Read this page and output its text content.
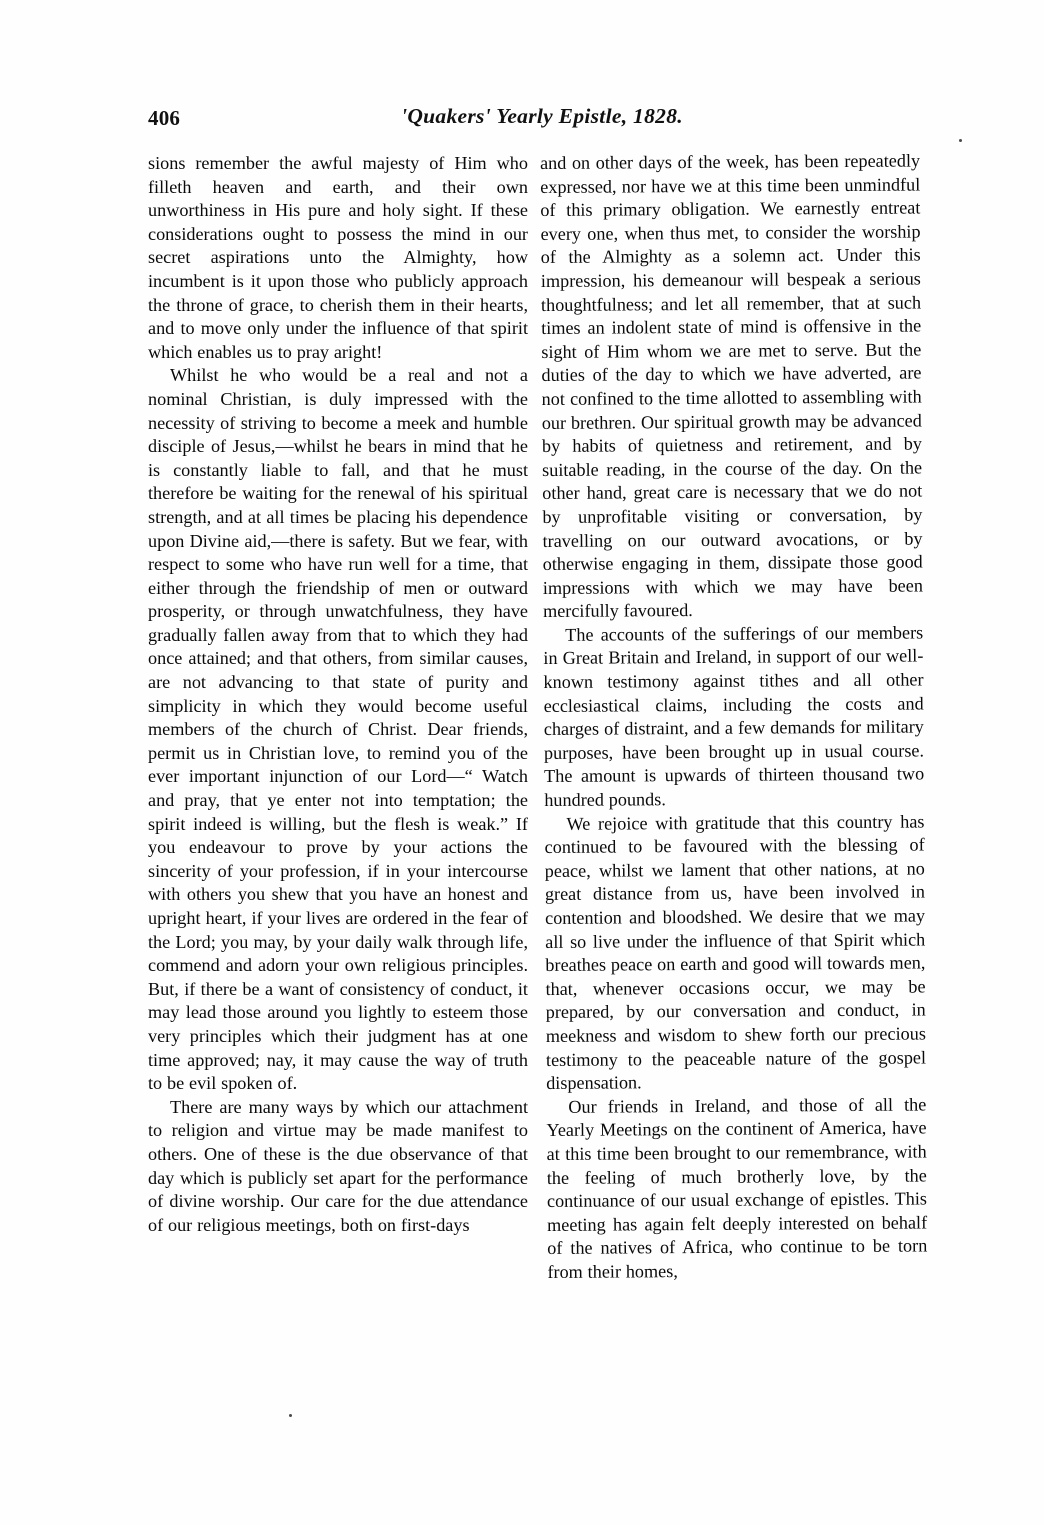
406	'Quakers' Yearly Epistle, 1828.

sions remember the awful majesty of Him who filleth heaven and earth, and their own unworthiness in His pure and holy sight. If these considerations ought to possess the mind in our secret aspirations unto the Almighty, how incumbent is it upon those who publicly approach the throne of grace, to cherish them in their hearts, and to move only under the influence of that spirit which enables us to pray aright!

Whilst he who would be a real and not a nominal Christian, is duly impressed with the necessity of striving to become a meek and humble disciple of Jesus,—whilst he bears in mind that he is constantly liable to fall, and that he must therefore be waiting for the renewal of his spiritual strength, and at all times be placing his dependence upon Divine aid,—there is safety. But we fear, with respect to some who have run well for a time, that either through the friendship of men or outward prosperity, or through unwatchfulness, they have gradually fallen away from that to which they had once attained; and that others, from similar causes, are not advancing to that state of purity and simplicity in which they would become useful members of the church of Christ. Dear friends, permit us in Christian love, to remind you of the ever important injunction of our Lord—“ Watch and pray, that ye enter not into temptation; the spirit indeed is willing, but the flesh is weak.” If you endeavour to prove by your actions the sincerity of your profession, if in your intercourse with others you shew that you have an honest and upright heart, if your lives are ordered in the fear of the Lord; you may, by your daily walk through life, commend and adorn your own religious principles. But, if there be a want of consistency of conduct, it may lead those around you lightly to esteem those very principles which their judgment has at one time approved; nay, it may cause the way of truth to be evil spoken of.

There are many ways by which our attachment to religion and virtue may be made manifest to others. One of these is the due observance of that day which is publicly set apart for the performance of divine worship. Our care for the due attendance of our religious meetings, both on first-days

and on other days of the week, has been repeatedly expressed, nor have we at this time been unmindful of this primary obligation. We earnestly entreat every one, when thus met, to consider the worship of the Almighty as a solemn act. Under this impression, his demeanour will bespeak a serious thoughtfulness; and let all remember, that at such times an indolent state of mind is offensive in the sight of Him whom we are met to serve. But the duties of the day to which we have adverted, are not confined to the time allotted to assembling with our brethren. Our spiritual growth may be advanced by habits of quietness and retirement, and by suitable reading, in the course of the day. On the other hand, great care is necessary that we do not by unprofitable visiting or conversation, by travelling on our outward avocations, or by otherwise engaging in them, dissipate those good impressions with which we may have been mercifully favoured.

The accounts of the sufferings of our members in Great Britain and Ireland, in support of our well-known testimony against tithes and all other ecclesiastical claims, including the costs and charges of distraint, and a few demands for military purposes, have been brought up in usual course. The amount is upwards of thirteen thousand two hundred pounds.

We rejoice with gratitude that this country has continued to be favoured with the blessing of peace, whilst we lament that other nations, at no great distance from us, have been involved in contention and bloodshed. We desire that we may all so live under the influence of that Spirit which breathes peace on earth and good will towards men, that, whenever occasions occur, we may be prepared, by our conversation and conduct, in meekness and wisdom to shew forth our precious testimony to the peaceable nature of the gospel dispensation.

Our friends in Ireland, and those of all the Yearly Meetings on the continent of America, have at this time been brought to our remembrance, with the feeling of much brotherly love, by the continuance of our usual exchange of epistles. This meeting has again felt deeply interested on behalf of the natives of Africa, who continue to be torn from their homes,
